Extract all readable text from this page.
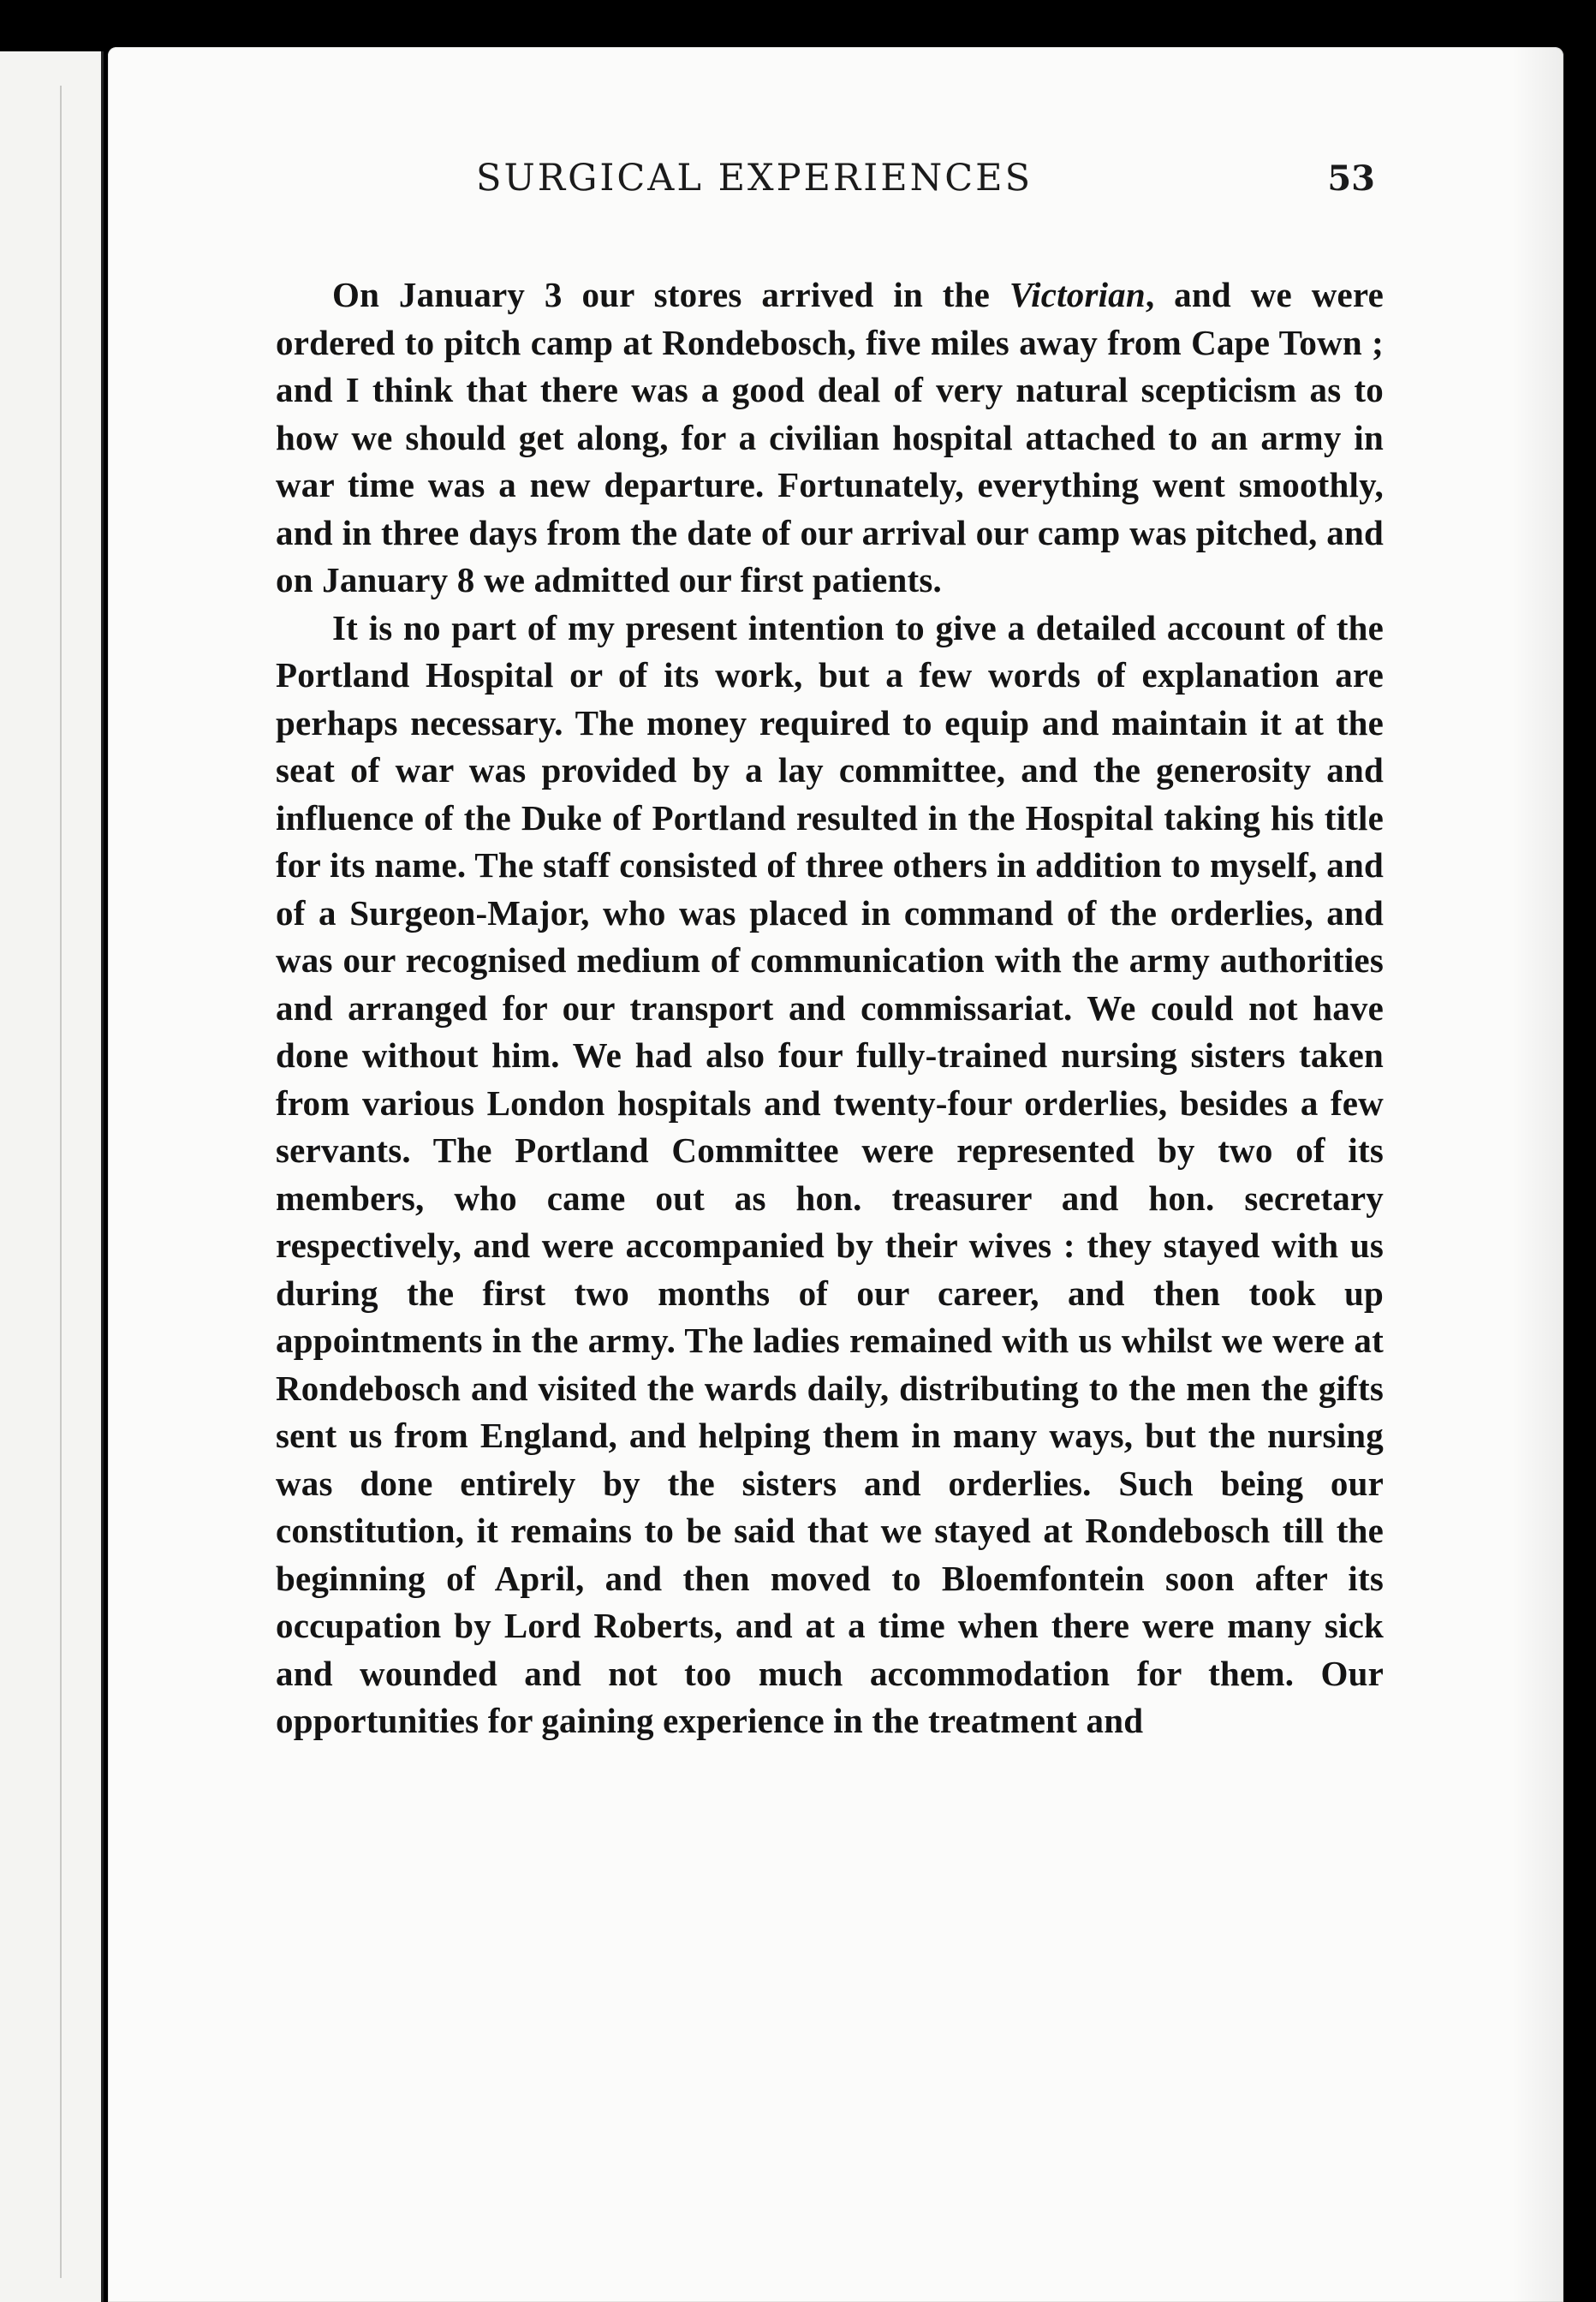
SURGICAL EXPERIENCES	53

On January 3 our stores arrived in the Victorian, and we were ordered to pitch camp at Rondebosch, five miles away from Cape Town ; and I think that there was a good deal of very natural scepticism as to how we should get along, for a civilian hospital attached to an army in war time was a new departure. Fortunately, everything went smoothly, and in three days from the date of our arrival our camp was pitched, and on January 8 we admitted our first patients.

It is no part of my present intention to give a detailed account of the Portland Hospital or of its work, but a few words of explanation are perhaps necessary. The money required to equip and maintain it at the seat of war was provided by a lay committee, and the generosity and influence of the Duke of Portland resulted in the Hospital taking his title for its name. The staff consisted of three others in addition to myself, and of a Surgeon-Major, who was placed in command of the orderlies, and was our recognised medium of communication with the army authorities and arranged for our transport and commissariat. We could not have done without him. We had also four fully-trained nursing sisters taken from various London hospitals and twenty-four orderlies, besides a few servants. The Portland Committee were represented by two of its members, who came out as hon. treasurer and hon. secretary respectively, and were accompanied by their wives : they stayed with us during the first two months of our career, and then took up appointments in the army. The ladies remained with us whilst we were at Rondebosch and visited the wards daily, distributing to the men the gifts sent us from England, and helping them in many ways, but the nursing was done entirely by the sisters and orderlies. Such being our constitution, it remains to be said that we stayed at Rondebosch till the beginning of April, and then moved to Bloemfontein soon after its occupation by Lord Roberts, and at a time when there were many sick and wounded and not too much accommodation for them. Our opportunities for gaining experience in the treatment and
